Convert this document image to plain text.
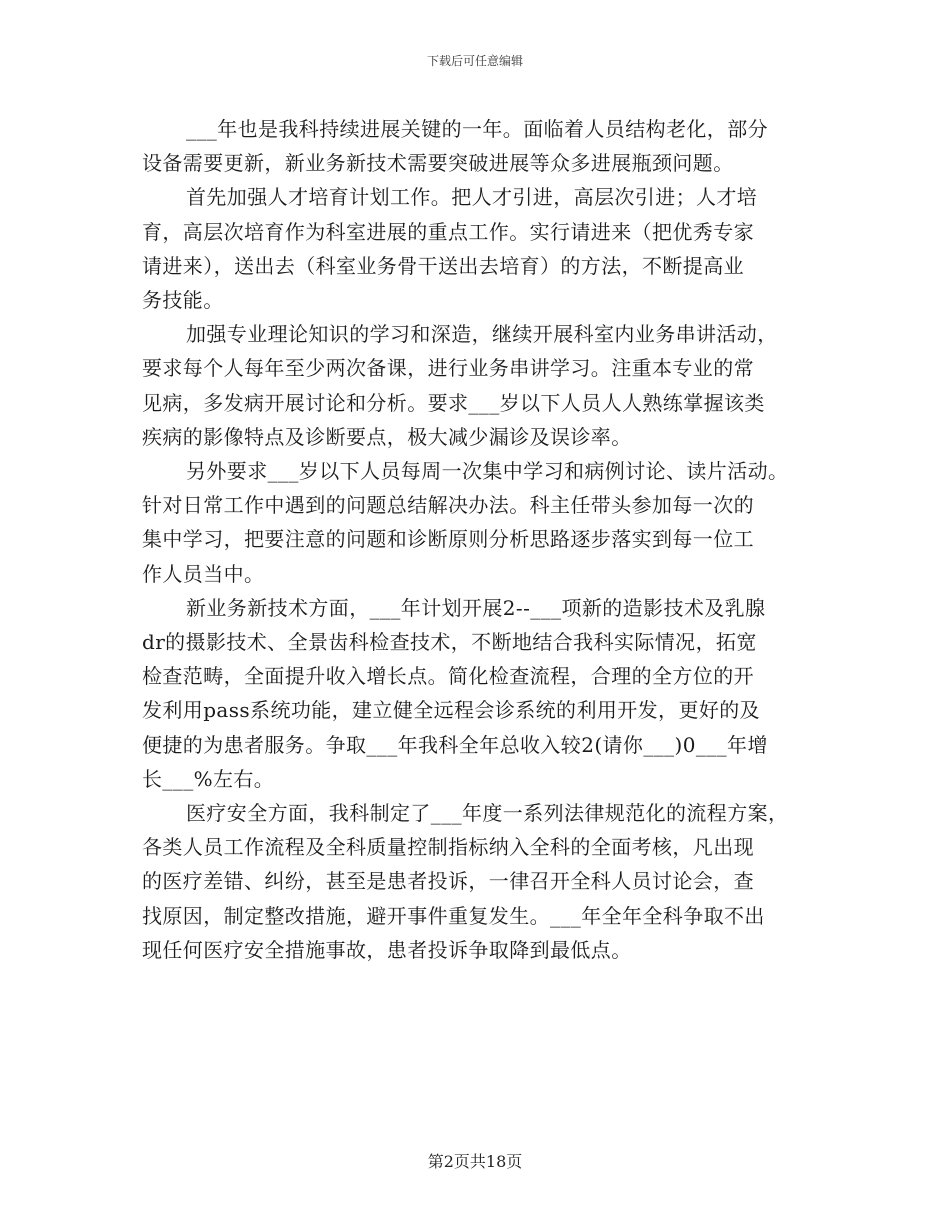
下载后可任意编辑
___年也是我科持续进展关键的一年。面临着人员结构老化，部分
设备需要更新，新业务新技术需要突破进展等众多进展瓶颈问题。
首先加强人才培育计划工作。把人才引进，高层次引进；人才培
育，高层次培育作为科室进展的重点工作。实行请进来（把优秀专家
请进来），送出去（科室业务骨干送出去培育）的方法，不断提高业
务技能。
加强专业理论知识的学习和深造，继续开展科室内业务串讲活动，
要求每个人每年至少两次备课，进行业务串讲学习。注重本专业的常
见病，多发病开展讨论和分析。要求___岁以下人员人人熟练掌握该类
疾病的影像特点及诊断要点，极大减少漏诊及误诊率。
另外要求___岁以下人员每周一次集中学习和病例讨论、读片活动。
针对日常工作中遇到的问题总结解决办法。科主任带头参加每一次的
集中学习，把要注意的问题和诊断原则分析思路逐步落实到每一位工
作人员当中。
新业务新技术方面，___年计划开展2--___项新的造影技术及乳腺
dr的摄影技术、全景齿科检查技术，不断地结合我科实际情况，拓宽
检查范畴，全面提升收入增长点。简化检查流程，合理的全方位的开
发利用pass系统功能，建立健全远程会诊系统的利用开发，更好的及
便捷的为患者服务。争取___年我科全年总收入较2(请你___)0___年增
长___%左右。
医疗安全方面，我科制定了___年度一系列法律规范化的流程方案，
各类人员工作流程及全科质量控制指标纳入全科的全面考核，凡出现
的医疗差错、纠纷，甚至是患者投诉，一律召开全科人员讨论会，查
找原因，制定整改措施，避开事件重复发生。___年全年全科争取不出
现任何医疗安全措施事故，患者投诉争取降到最低点。
第2页共18页
